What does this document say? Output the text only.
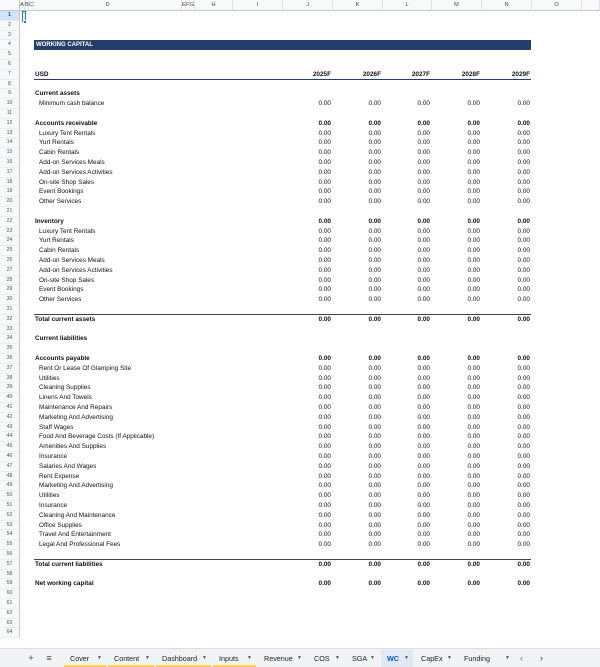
A B C	D	E F G	H	I	J	K	L	M	N	O
1
2
3
4
5
6
7
8
9
10
11
12
13
14
15
16
17
18
19
20
21
22
23
24
25
26
27
28
29
30
31
32
33
34
35
36
37
38
39
40
41
42
43
44
45
46
47
48
49
50
51
52
53
54
55
56
57
58
59
60
61
62
63
64
WORKING CAPITAL
USD	2025F	2026F	2027F	2028F	2029F
Current assets
Minimum cash balance	0.00	0.00	0.00	0.00	0.00
Accounts receivable	0.00	0.00	0.00	0.00	0.00
Luxury Tent Rentals	0.00	0.00	0.00	0.00	0.00
Yurt Rentals	0.00	0.00	0.00	0.00	0.00
Cabin Rentals	0.00	0.00	0.00	0.00	0.00
Add-on Services Meals	0.00	0.00	0.00	0.00	0.00
Add-on Services Activities	0.00	0.00	0.00	0.00	0.00
On-site Shop Sales	0.00	0.00	0.00	0.00	0.00
Event Bookings	0.00	0.00	0.00	0.00	0.00
Other Services	0.00	0.00	0.00	0.00	0.00
Inventory	0.00	0.00	0.00	0.00	0.00
Luxury Tent Rentals	0.00	0.00	0.00	0.00	0.00
Yurt Rentals	0.00	0.00	0.00	0.00	0.00
Cabin Rentals	0.00	0.00	0.00	0.00	0.00
Add-on Services Meals	0.00	0.00	0.00	0.00	0.00
Add-on Services Activities	0.00	0.00	0.00	0.00	0.00
On-site Shop Sales	0.00	0.00	0.00	0.00	0.00
Event Bookings	0.00	0.00	0.00	0.00	0.00
Other Services	0.00	0.00	0.00	0.00	0.00
Total current assets	0.00	0.00	0.00	0.00	0.00
Current liabilities
Accounts payable	0.00	0.00	0.00	0.00	0.00
Rent Or Lease Of Glamping Site	0.00	0.00	0.00	0.00	0.00
Utilities	0.00	0.00	0.00	0.00	0.00
Cleaning Supplies	0.00	0.00	0.00	0.00	0.00
Linens And Towels	0.00	0.00	0.00	0.00	0.00
Maintenance And Repairs	0.00	0.00	0.00	0.00	0.00
Marketing And Advertising	0.00	0.00	0.00	0.00	0.00
Staff Wages	0.00	0.00	0.00	0.00	0.00
Food And Beverage Costs (If Applicable)	0.00	0.00	0.00	0.00	0.00
Amenities And Supplies	0.00	0.00	0.00	0.00	0.00
Insurance	0.00	0.00	0.00	0.00	0.00
Salaries And Wages	0.00	0.00	0.00	0.00	0.00
Rent Expense	0.00	0.00	0.00	0.00	0.00
Marketing And Advertising	0.00	0.00	0.00	0.00	0.00
Utilities	0.00	0.00	0.00	0.00	0.00
Insurance	0.00	0.00	0.00	0.00	0.00
Cleaning And Maintenance	0.00	0.00	0.00	0.00	0.00
Office Supplies	0.00	0.00	0.00	0.00	0.00
Travel And Entertainment	0.00	0.00	0.00	0.00	0.00
Legal And Professional Fees	0.00	0.00	0.00	0.00	0.00
Total current liabilities	0.00	0.00	0.00	0.00	0.00
Net working capital	0.00	0.00	0.00	0.00	0.00
+	≡	Cover ▼	Content ▼	Dashboard ▼	Inputs ▼	Revenue ▼	COS ▼	SGA ▼	WC ▼	CapEx ▼	Funding	▼ ‹ ›
